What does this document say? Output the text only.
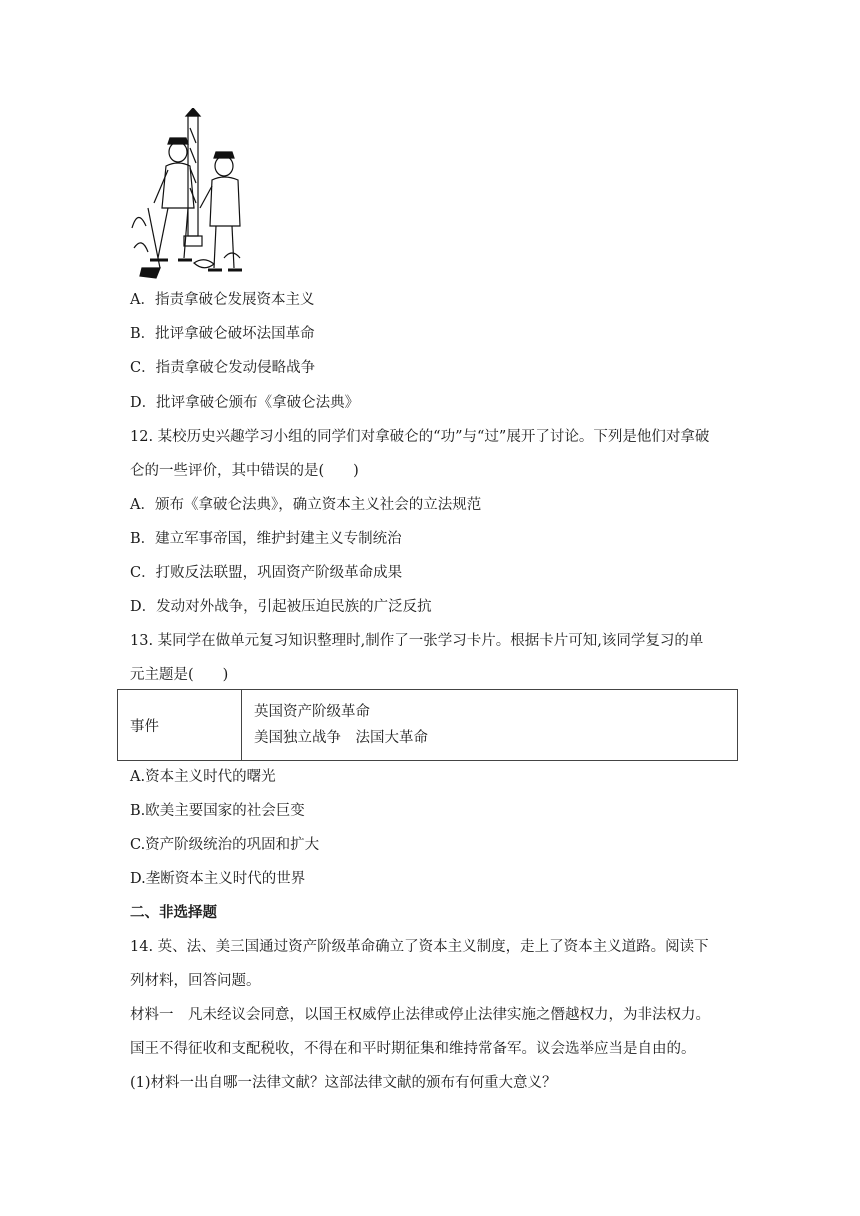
A．指责拿破仑发展资本主义
B．批评拿破仑破坏法国革命
C．指责拿破仑发动侵略战争
D．批评拿破仑颁布《拿破仑法典》
12. 某校历史兴趣学习小组的同学们对拿破仑的“功”与“过”展开了讨论。下列是他们对拿破
仑的一些评价，其中错误的是(　　)
A．颁布《拿破仑法典》，确立资本主义社会的立法规范
B．建立军事帝国，维护封建主义专制统治
C．打败反法联盟，巩固资产阶级革命成果
D．发动对外战争，引起被压迫民族的广泛反抗
13. 某同学在做单元复习知识整理时,制作了一张学习卡片。根据卡片可知,该同学复习的单
元主题是(　　)
事件	
英国资产阶级革命
美国独立战争　法国大革命
A.资本主义时代的曙光
B.欧美主要国家的社会巨变
C.资产阶级统治的巩固和扩大
D.垄断资本主义时代的世界
二、非选择题
14. 英、法、美三国通过资产阶级革命确立了资本主义制度，走上了资本主义道路。阅读下
列材料，回答问题。
材料一　凡未经议会同意，以国王权威停止法律或停止法律实施之僭越权力，为非法权力。
国王不得征收和支配税收，不得在和平时期征集和维持常备军。议会选举应当是自由的。
(1)材料一出自哪一法律文献？这部法律文献的颁布有何重大意义？
